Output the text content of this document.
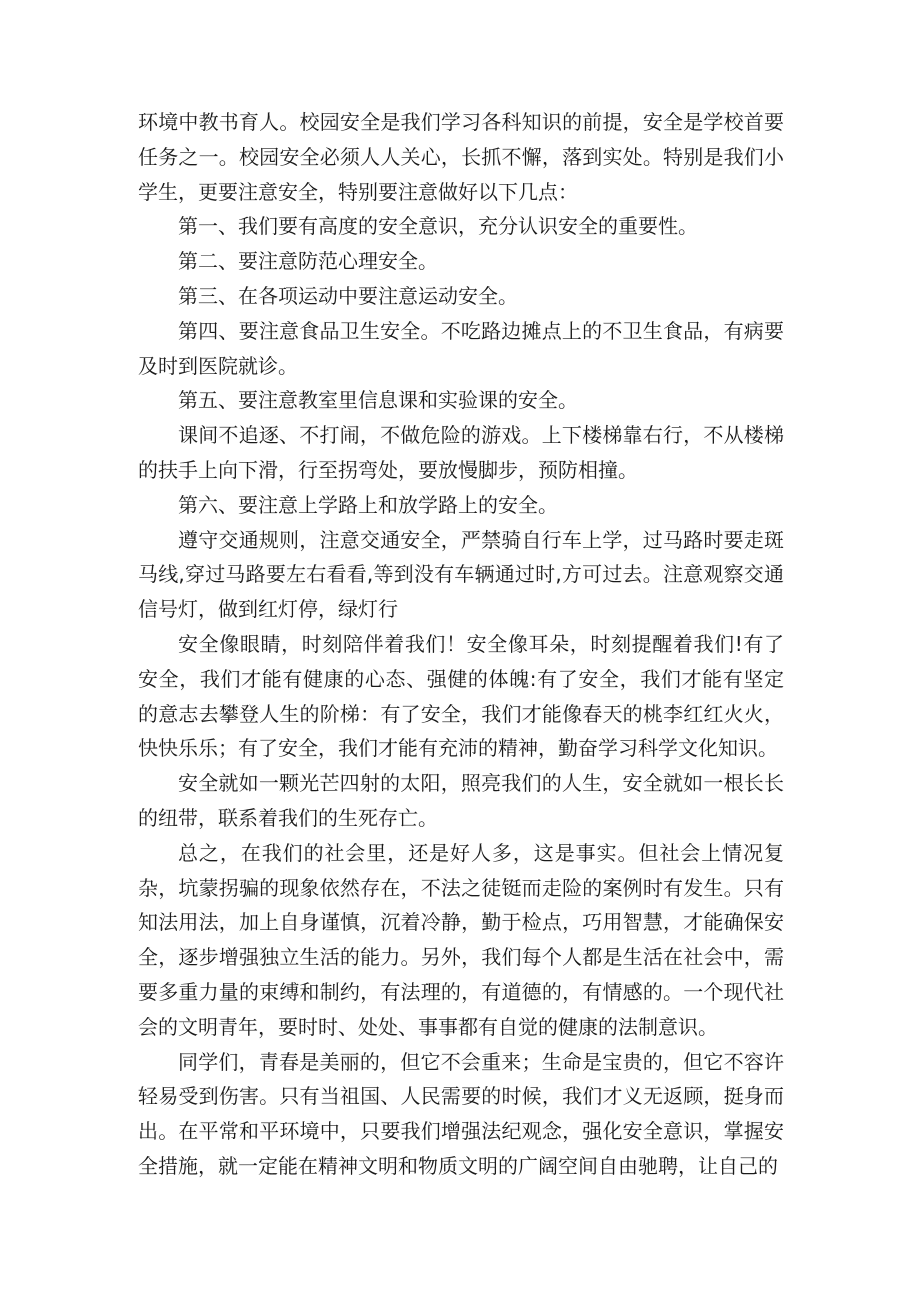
环境中教书育人。校园安全是我们学习各科知识的前提，安全是学校首要任务之一。校园安全必须人人关心，长抓不懈，落到实处。特别是我们小学生，更要注意安全，特别要注意做好以下几点：

第一、我们要有高度的安全意识，充分认识安全的重要性。

第二、要注意防范心理安全。

第三、在各项运动中要注意运动安全。

第四、要注意食品卫生安全。不吃路边摊点上的不卫生食品，有病要及时到医院就诊。

第五、要注意教室里信息课和实验课的安全。

课间不追逐、不打闹，不做危险的游戏。上下楼梯靠右行，不从楼梯的扶手上向下滑，行至拐弯处，要放慢脚步，预防相撞。

第六、要注意上学路上和放学路上的安全。

遵守交通规则，注意交通安全，严禁骑自行车上学，过马路时要走斑马线,穿过马路要左右看看,等到没有车辆通过时,方可过去。注意观察交通信号灯，做到红灯停，绿灯行

安全像眼睛，时刻陪伴着我们！安全像耳朵，时刻提醒着我们!有了安全，我们才能有健康的心态、强健的体魄:有了安全，我们才能有坚定的意志去攀登人生的阶梯：有了安全，我们才能像春天的桃李红红火火，快快乐乐；有了安全，我们才能有充沛的精神，勤奋学习科学文化知识。

安全就如一颗光芒四射的太阳，照亮我们的人生，安全就如一根长长的纽带，联系着我们的生死存亡。

总之，在我们的社会里，还是好人多，这是事实。但社会上情况复杂，坑蒙拐骗的现象依然存在，不法之徒铤而走险的案例时有发生。只有知法用法，加上自身谨慎，沉着冷静，勤于检点，巧用智慧，才能确保安全，逐步增强独立生活的能力。另外，我们每个人都是生活在社会中，需要多重力量的束缚和制约，有法理的，有道德的，有情感的。一个现代社会的文明青年，要时时、处处、事事都有自觉的健康的法制意识。

同学们，青春是美丽的，但它不会重来；生命是宝贵的，但它不容许轻易受到伤害。只有当祖国、人民需要的时候，我们才义无返顾，挺身而出。在平常和平环境中，只要我们增强法纪观念，强化安全意识，掌握安全措施，就一定能在精神文明和物质文明的广阔空间自由驰聘，让自己的
